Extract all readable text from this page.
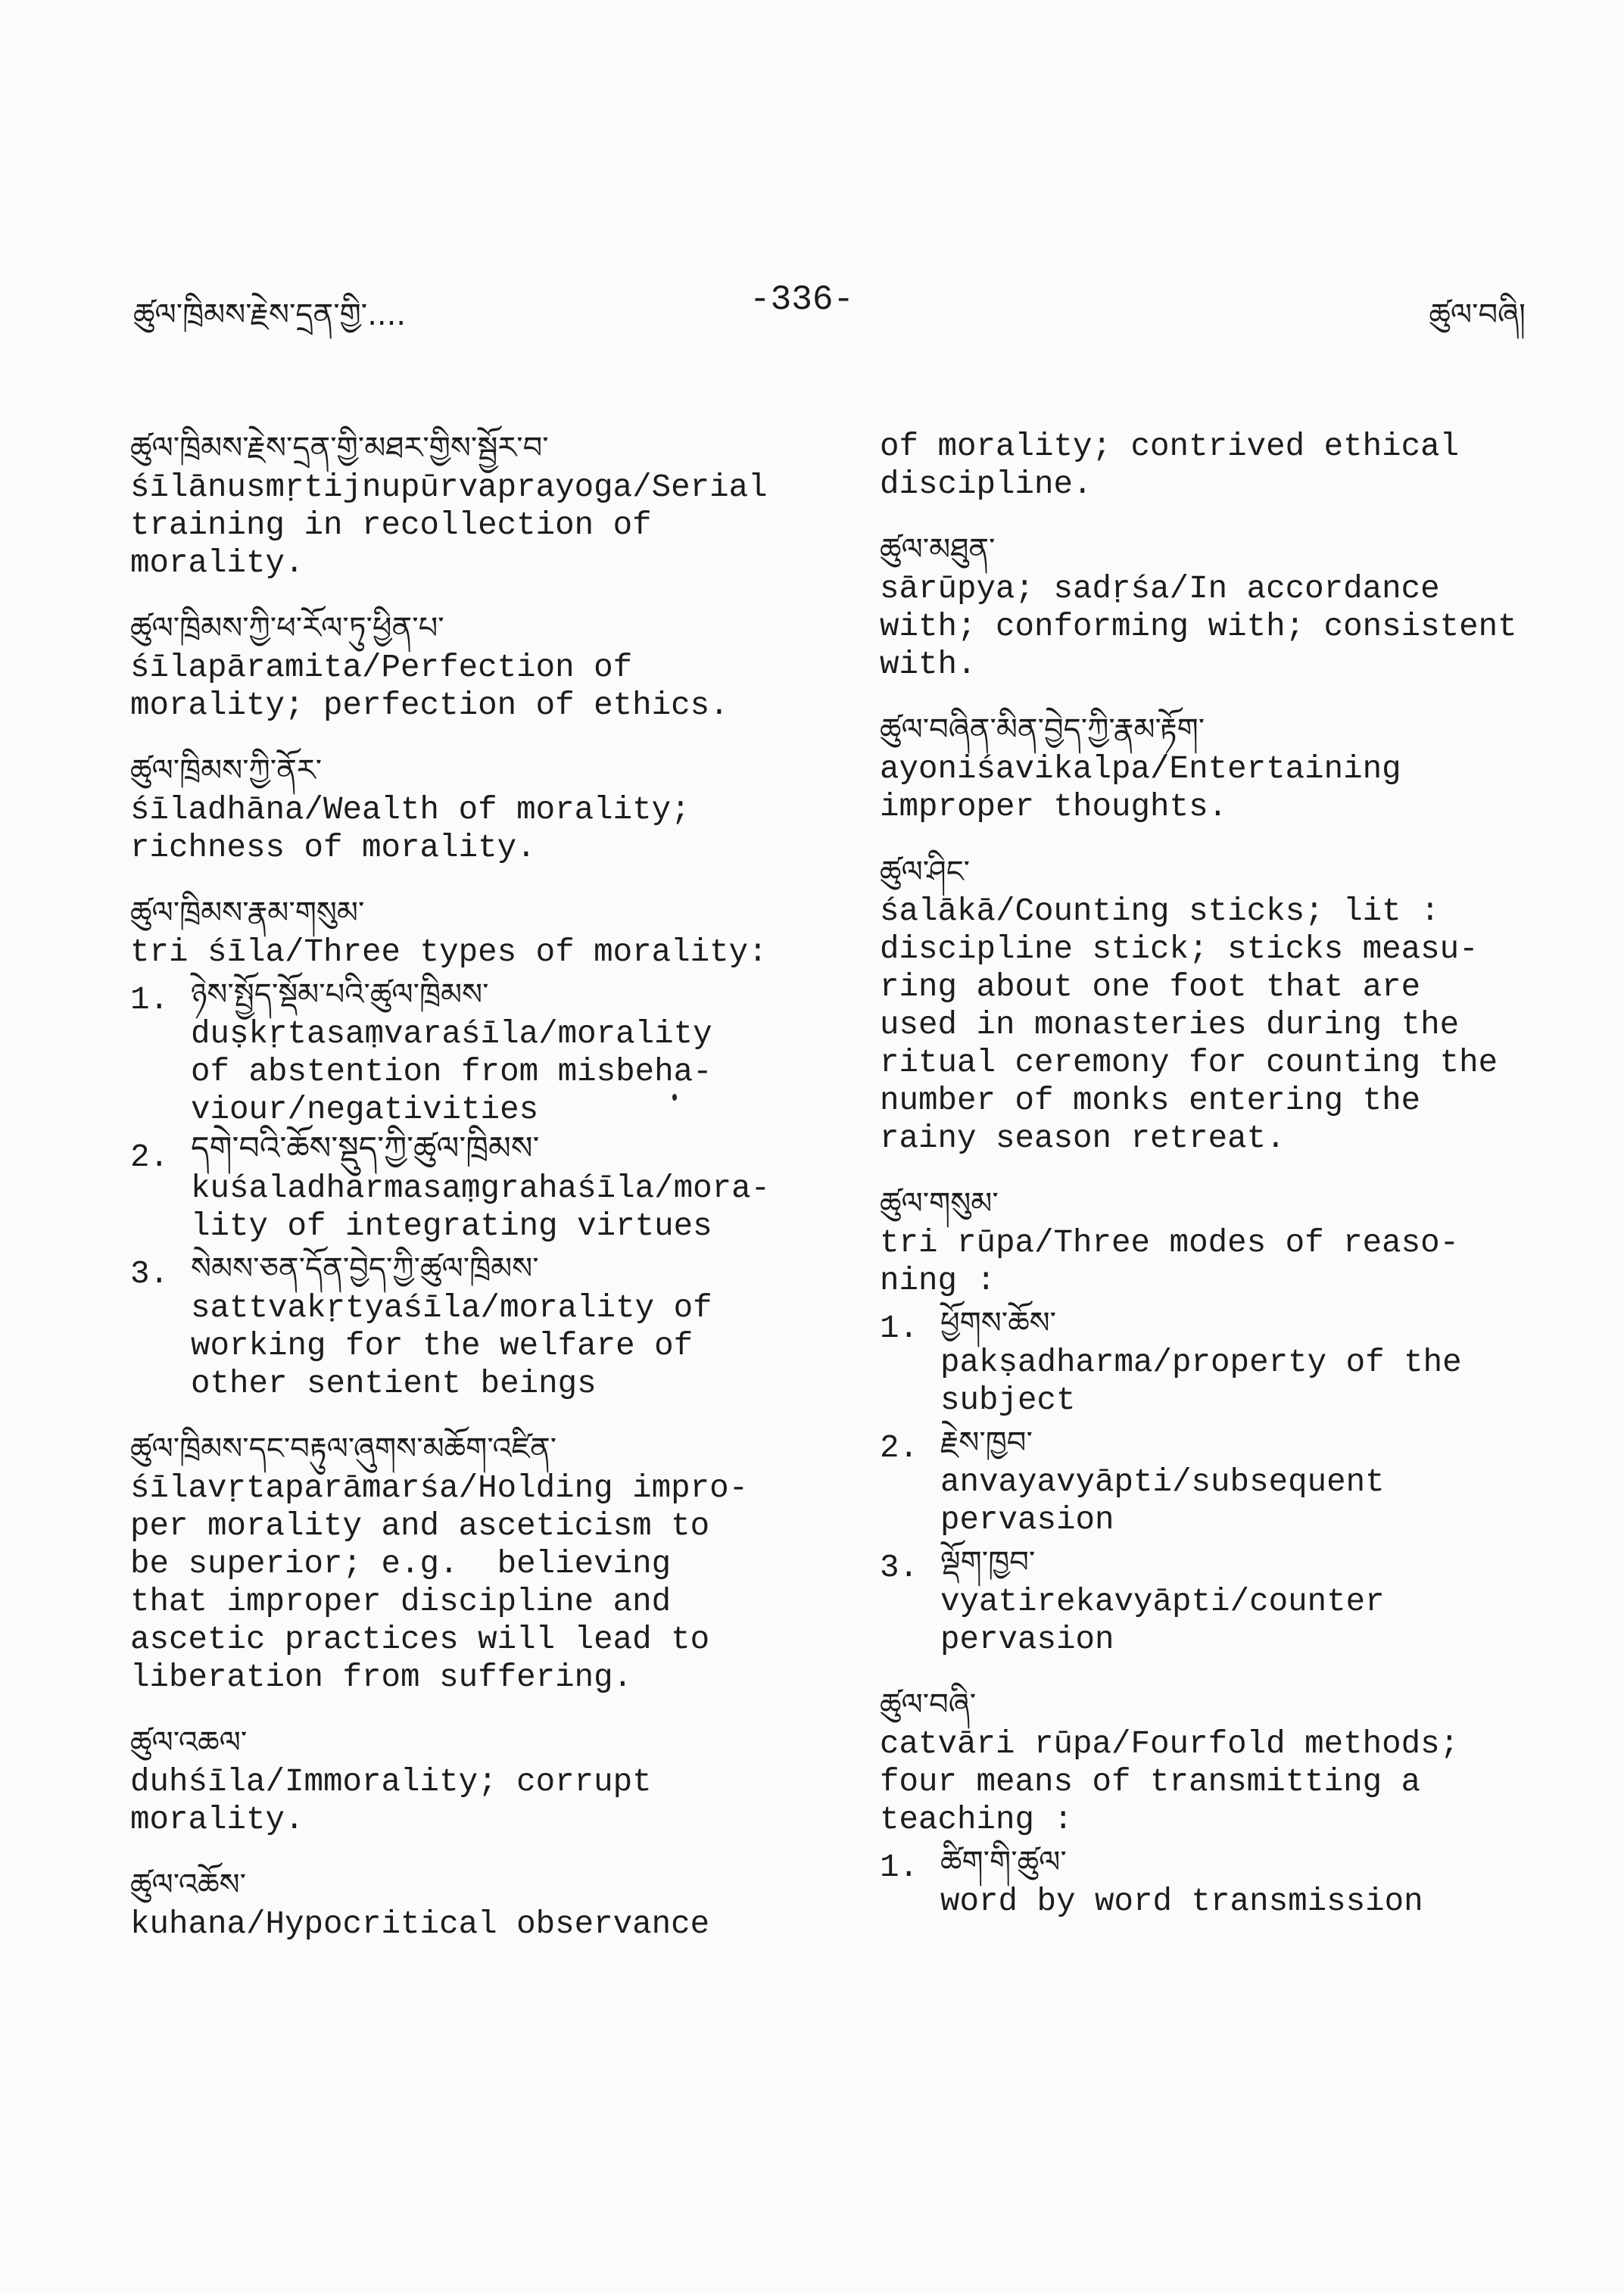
ཚུལ་ཁྲིམས་རྗེས་དྲན་གྱི་....	-336-	ཚུལ་བཞི།
ཚུལ་ཁྲིམས་རྗེས་དྲན་གྱི་མཐར་གྱིས་སྦྱོར་བ་
śīlānusmṛtijnupūrvaprayoga/Serial
training in recollection of
morality.
ཚུལ་ཁྲིམས་ཀྱི་ཕ་རོལ་ཏུ་ཕྱིན་པ་
śīlapāramita/Perfection of
morality; perfection of ethics.
ཚུལ་ཁྲིམས་ཀྱི་ནོར་
śīladhāna/Wealth of morality;
richness of morality.
ཚུལ་ཁྲིམས་རྣམ་གསུམ་
tri śīla/Three types of morality:
1. ཉེས་སྤྱོད་སྡོམ་པའི་ཚུལ་ཁྲིམས་
duṣkṛtasaṃvaraśīla/morality
of abstention from misbeha-
viour/negativities
2. དགེ་བའི་ཆོས་སྡུད་ཀྱི་ཚུལ་ཁྲིམས་
kuśaladharmasaṃgrahaśīla/mora-
lity of integrating virtues
3. སེམས་ཅན་དོན་བྱེད་ཀྱི་ཚུལ་ཁྲིམས་
sattvakṛtyaśīla/morality of
working for the welfare of
other sentient beings
ཚུལ་ཁྲིམས་དང་བརྟུལ་ཞུགས་མཆོག་འཛིན་
śīlavṛtaparāmarśa/Holding impro-
per morality and asceticism to
be superior; e.g.  believing
that improper discipline and
ascetic practices will lead to
liberation from suffering.
ཚུལ་འཆལ་
duhśīla/Immorality; corrupt
morality.
ཚུལ་འཆོས་
kuhana/Hypocritical observance
of morality; contrived ethical
discipline.
ཚུལ་མཐུན་
sārūpya; sadṛśa/In accordance
with; conforming with; consistent
with.
ཚུལ་བཞིན་མིན་བྱེད་ཀྱི་རྣམ་རྟོག་
ayoniśavikalpa/Entertaining
improper thoughts.
ཚུལ་ཤིང་
śalākā/Counting sticks; lit :
discipline stick; sticks measu-
ring about one foot that are
used in monasteries during the
ritual ceremony for counting the
number of monks entering the
rainy season retreat.
ཚུལ་གསུམ་
tri rūpa/Three modes of reaso-
ning :
1. ཕྱོགས་ཆོས་
pakṣadharma/property of the
subject
2. རྗེས་ཁྱབ་
anvayavyāpti/subsequent
pervasion
3. ལྡོག་ཁྱབ་
vyatirekavyāpti/counter
pervasion
ཚུལ་བཞི་
catvāri rūpa/Fourfold methods;
four means of transmitting a
teaching :
1. ཚིག་གི་ཚུལ་
word by word transmission
